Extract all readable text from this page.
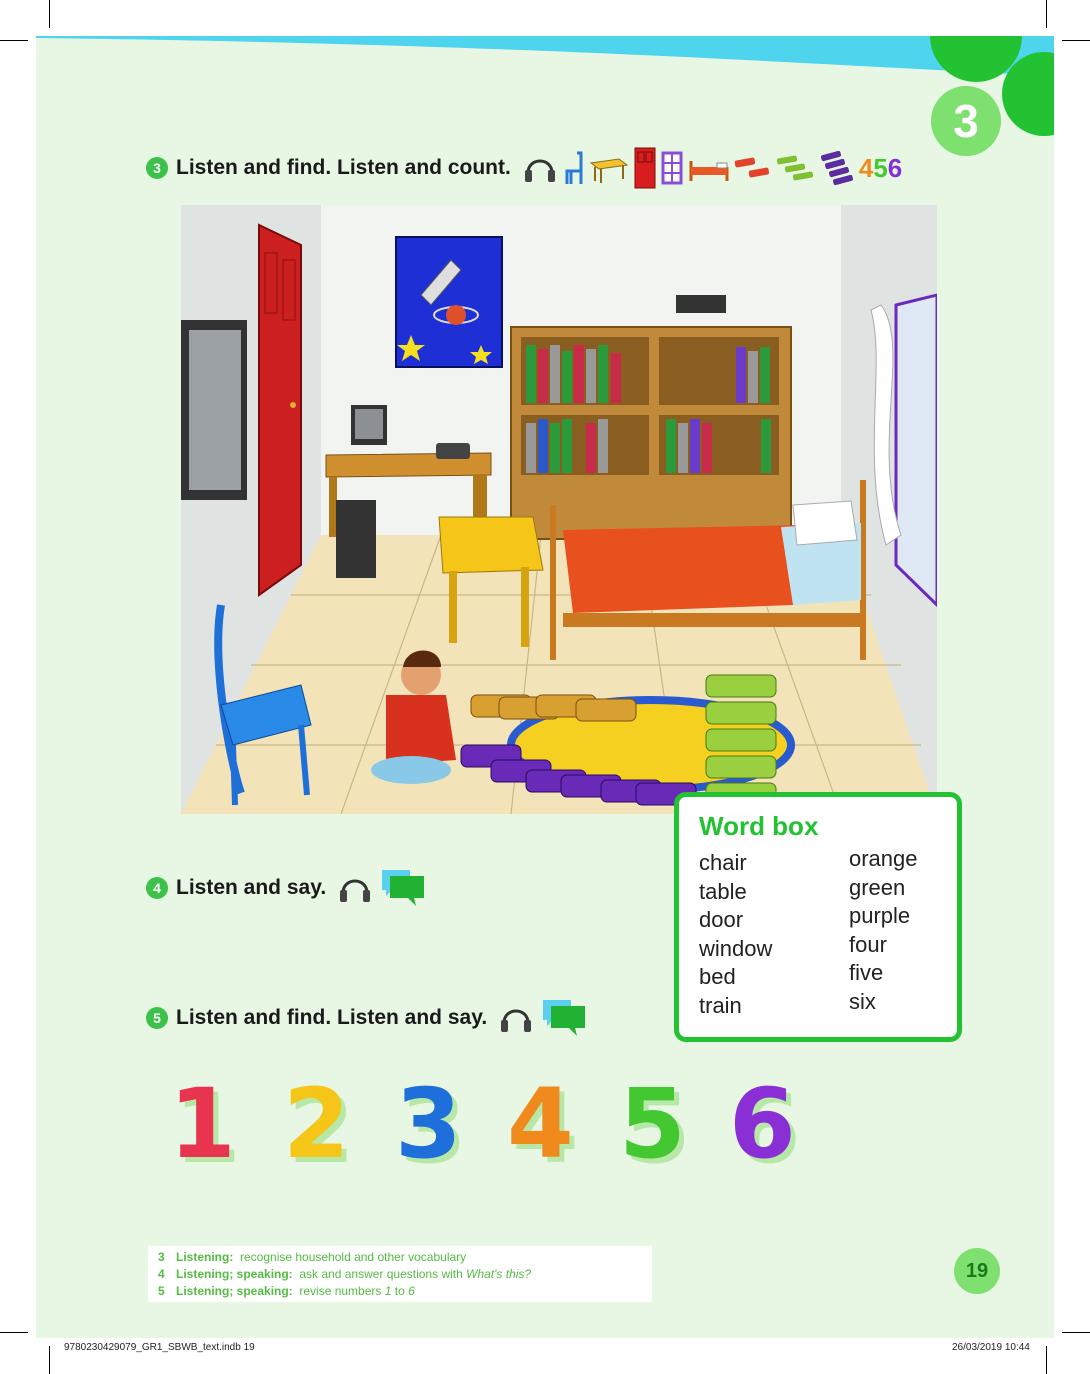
3
3 Listen and find. Listen and count.	4 5 6
Word box
chair
table
door
window
bed
train
orange
green
purple
four
five
six
4 Listen and say.
5 Listen and find. Listen and say.
1 2 3 4 5 6
3 Listening: recognise household and other vocabulary
4 Listening; speaking: ask and answer questions with What's this?
5 Listening; speaking: revise numbers 1 to 6
19
9780230429079_GR1_SBWB_text.indb 19	26/03/2019 10:44
